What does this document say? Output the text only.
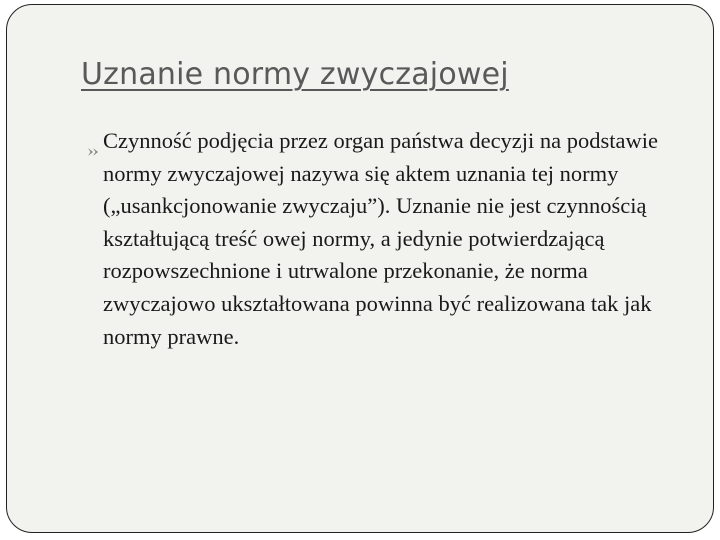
Uznanie normy zwyczajowej

Czynność podjęcia przez organ państwa decyzji na podstawie normy zwyczajowej nazywa się aktem uznania tej normy („usankcjonowanie zwyczaju”). Uznanie nie jest czynnością kształtującą treść owej normy, a jedynie potwierdzającą rozpowszechnione i utrwalone przekonanie, że norma zwyczajowo ukształtowana powinna być realizowana tak jak normy prawne.
